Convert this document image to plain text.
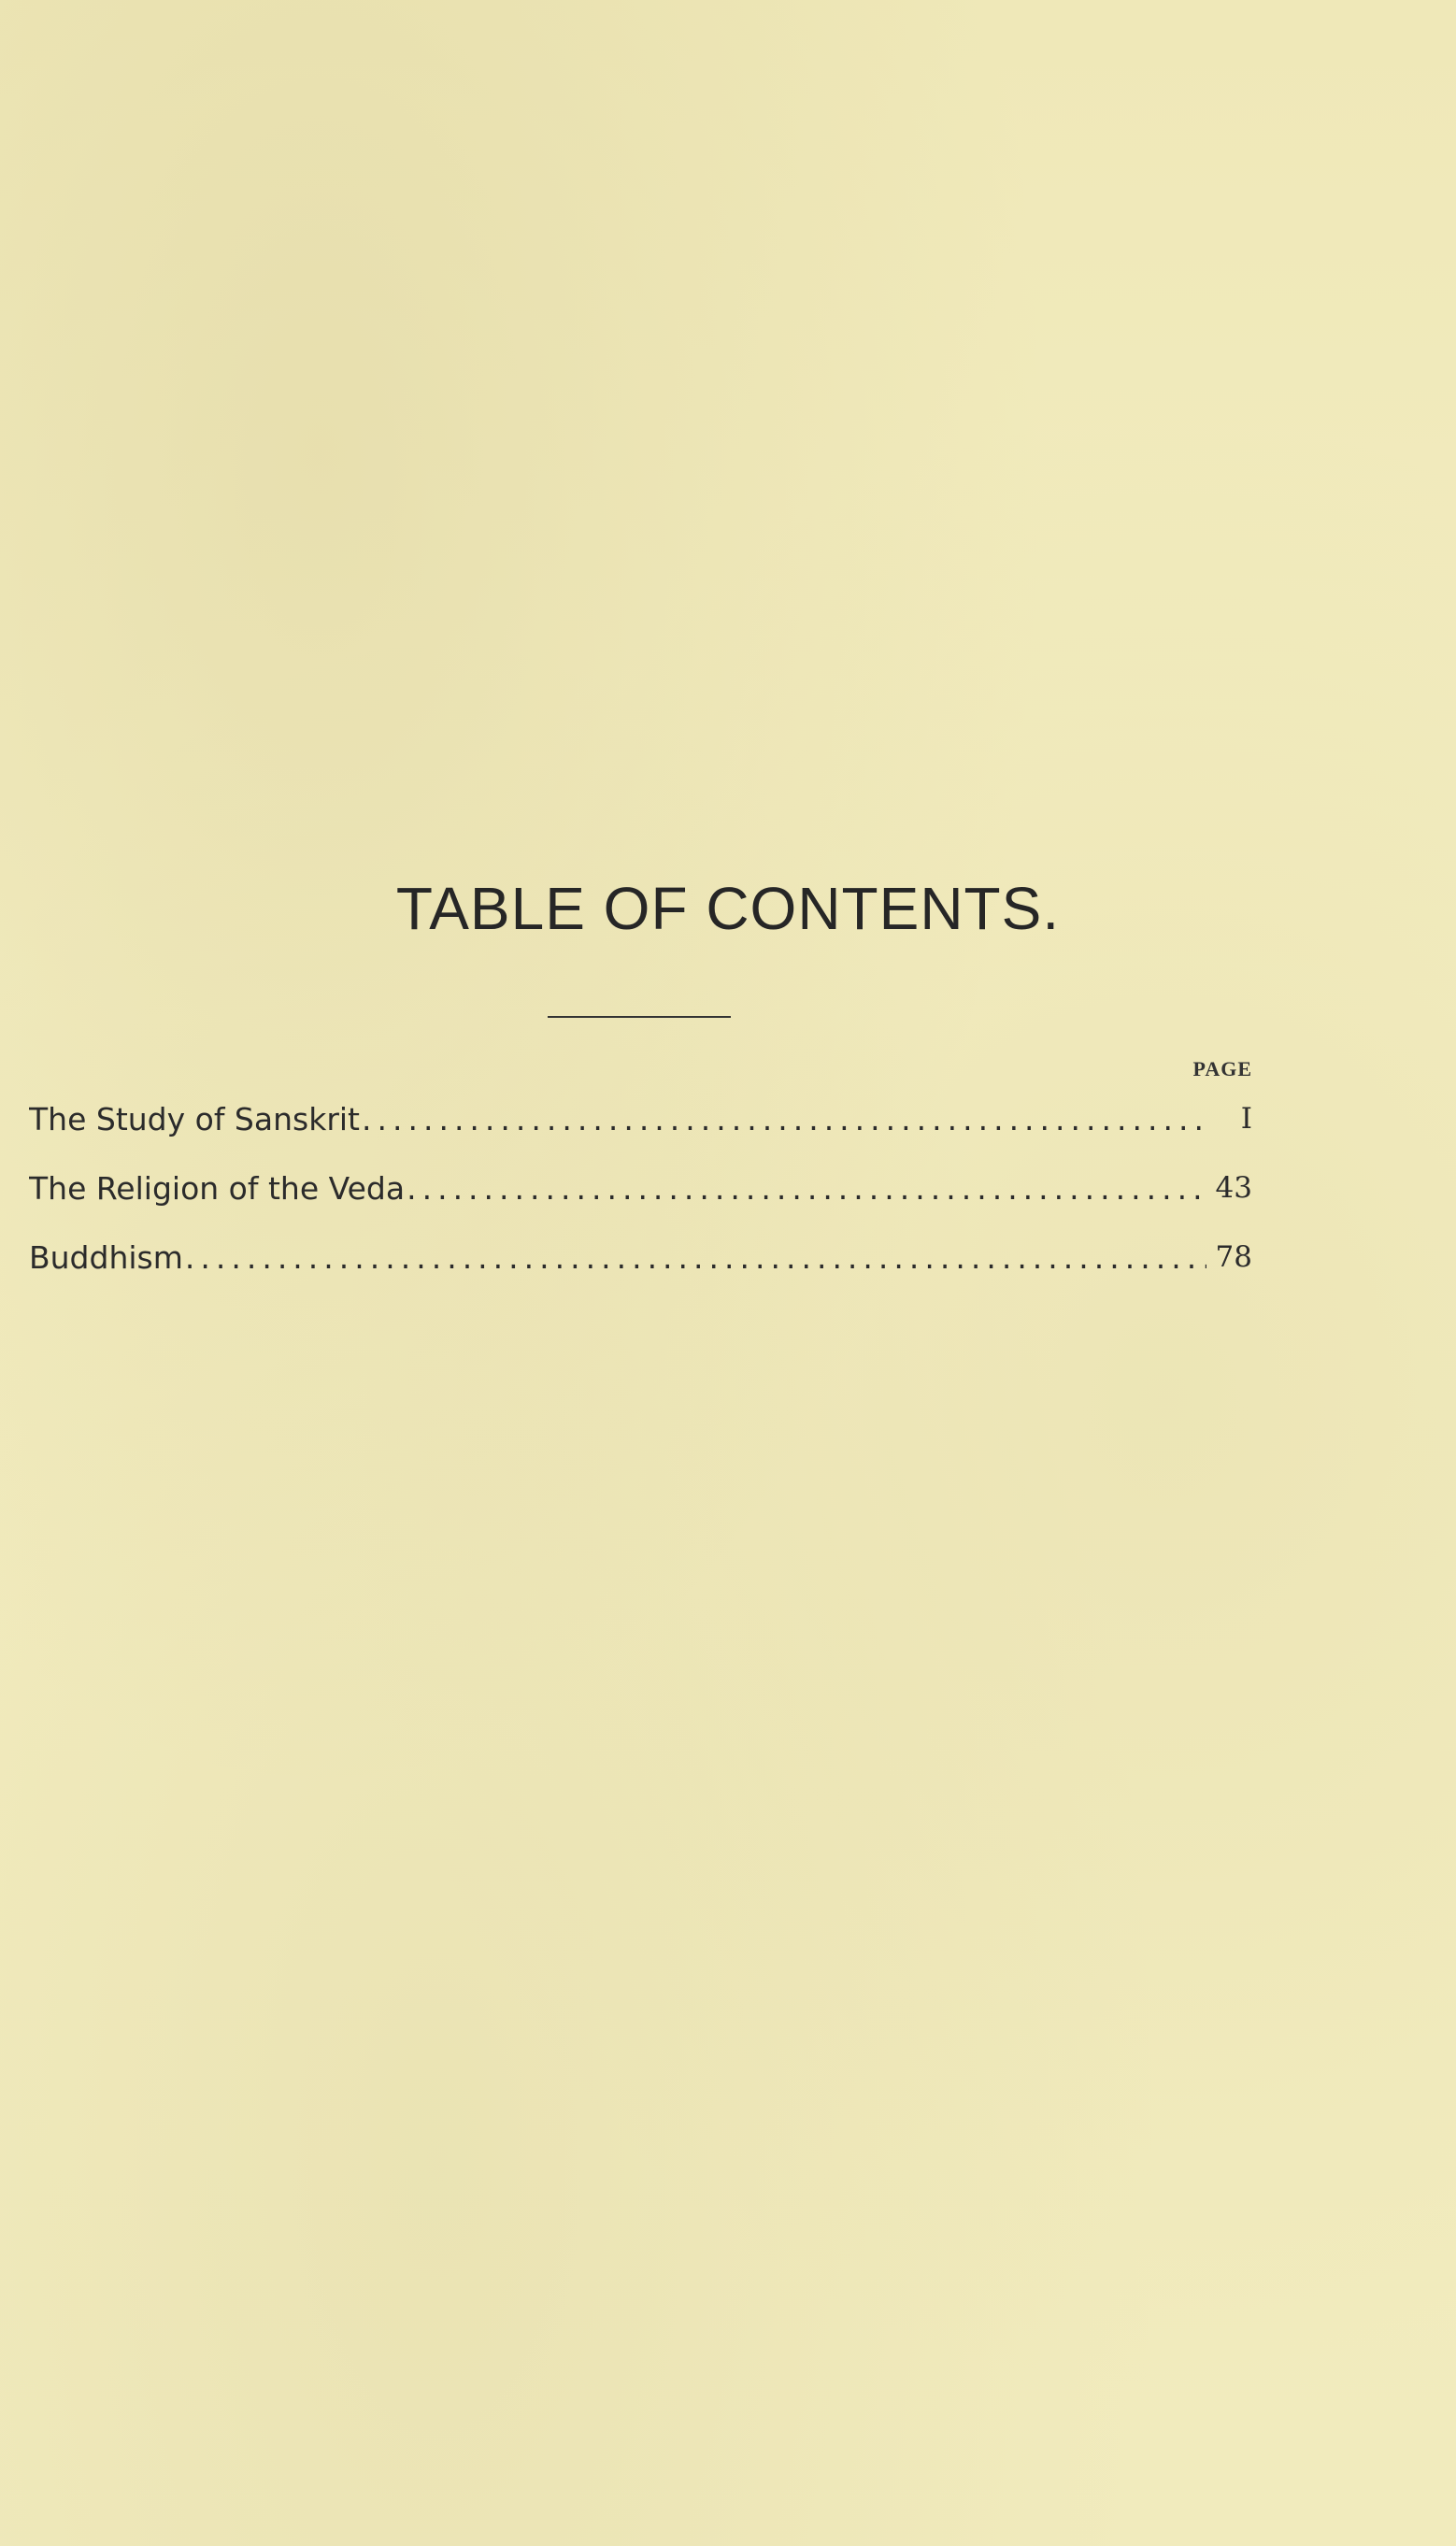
TABLE OF CONTENTS.
PAGE
The Study of Sanskrit .....	I
The Religion of the Veda .....	43
Buddhism .....	78
